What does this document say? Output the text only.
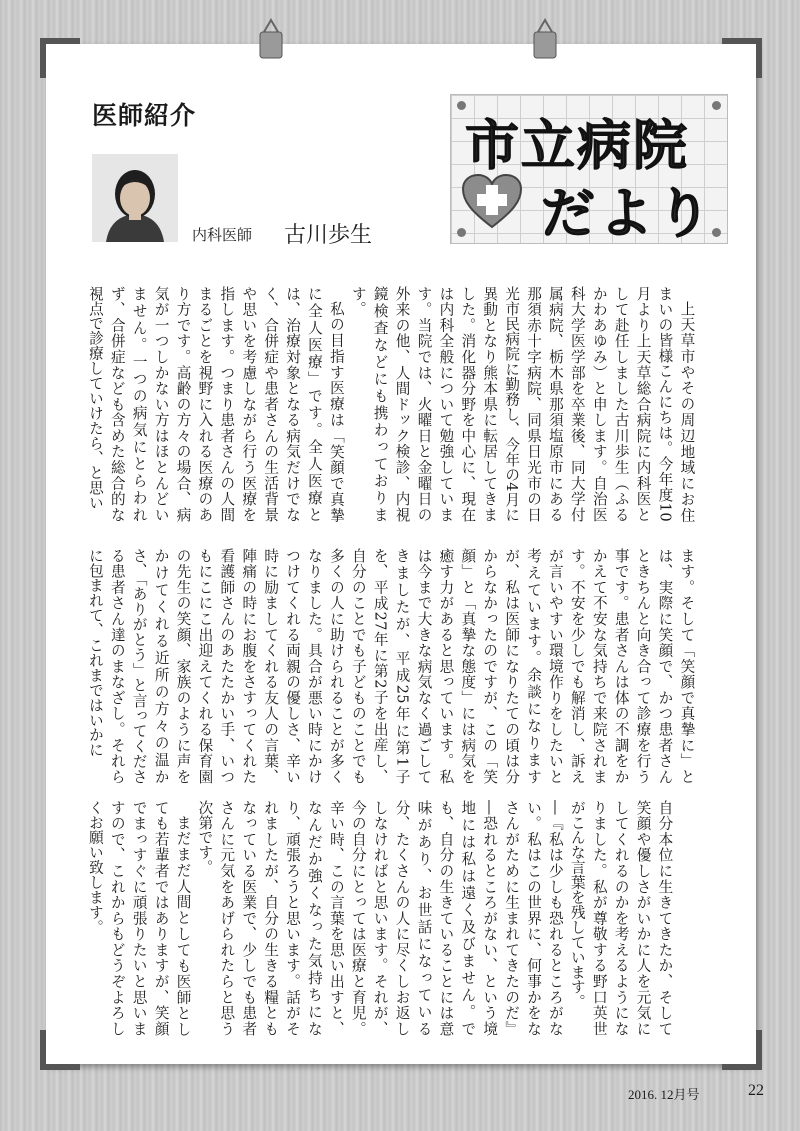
医師紹介
内科医師 古川歩生
市立病院
だより

上天草市やその周辺地域にお住まいの皆様こんにちは。今年度10月より上天草総合病院に内科医として赴任しました古川歩生（ふるかわあゆみ）と申します。自治医科大学医学部を卒業後、同大学付属病院、栃木県那須塩原市にある那須赤十字病院、同県日光市の日光市民病院に勤務し、今年の4月に異動となり熊本県に転居してきました。消化器分野を中心に、現在は内科全般について勉強しています。当院では、火曜日と金曜日の外来の他、人間ドック検診、内視鏡検査などにも携わっております。

私の目指す医療は「笑顔で真摯に全人医療」です。全人医療とは、治療対象となる病気だけでなく、合併症や患者さんの生活背景や思いを考慮しながら行う医療を指します。つまり患者さんの人間まるごとを視野に入れる医療のあり方です。高齢の方々の場合、病気が一つしかない方はほとんどいません。一つの病気にとらわれず、合併症なども含めた総合的な視点で診療していけたら、と思い

ます。そして「笑顔で真摯に」とは、実際に笑顔で、かつ患者さんときちんと向き合って診療を行う事です。患者さんは体の不調をかかえて不安な気持ちで来院されます。不安を少しでも解消し、訴えが言いやすい環境作りをしたいと考えています。余談になりますが、私は医師になりたての頃は分からなかったのですが、この「笑顔」と「真摯な態度」には病気を癒す力があると思っています。私は今まで大きな病気なく過ごしてきましたが、平成25年に第1子を、平成27年に第2子を出産し、自分のことでも子どものことでも多くの人に助けられることが多くなりました。具合が悪い時にかけつけてくれる両親の優しさ、辛い時に励ましてくれる友人の言葉、陣痛の時にお腹をさすってくれた看護師さんのあたたかい手、いつもにこにこ出迎えてくれる保育園の先生の笑顔、家族のように声をかけてくれる近所の方々の温かさ、「ありがとう」と言ってくださる患者さん達のまなざし。それらに包まれて、これまではいかに

自分本位に生きてきたか、そして笑顔や優しさがいかに人を元気にしてくれるのかを考えるようになりました。私が尊敬する野口英世がこんな言葉を残しています。

―『私は少しも恐れるところがない。私はこの世界に、何事かをなさんがために生まれてきたのだ』―恐れるところがない、という境地には私は遠く及びません。でも、自分の生きていることには意味があり、お世話になっている分、たくさんの人に尽くしお返ししなければと思います。それが、今の自分にとっては医療と育児。辛い時、この言葉を思い出すと、なんだか強くなった気持ちになり、頑張ろうと思います。話がそれましたが、自分の生きる糧ともなっている医業で、少しでも患者さんに元気をあげられたらと思う次第です。

まだまだ人間としても医師としても若輩者ではありますが、笑顔でまっすぐに頑張りたいと思いますので、これからもどうぞよろしくお願い致します。

2016. 12月号	22
